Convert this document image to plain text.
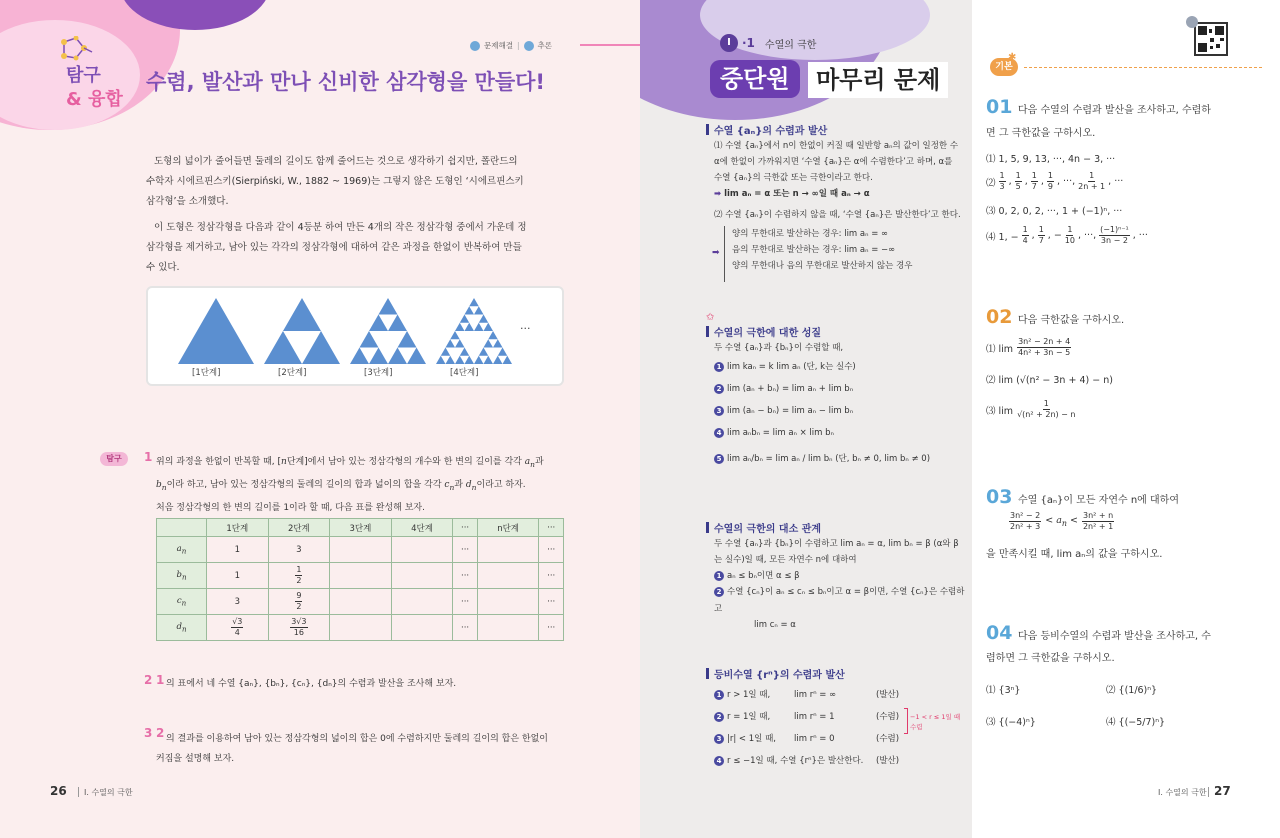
탐구
& 융합
수렴, 발산과 만나 신비한 삼각형을 만들다!
문제해결 | 추론
도형의 넓이가 줄어들면 둘레의 길이도 함께 줄어드는 것으로 생각하기 쉽지만, 폴란드의
수학자 시에르핀스키(Sierpiński, W., 1882 ~ 1969)는 그렇지 않은 도형인 ‘시에르핀스키
삼각형’을 소개했다.
이 도형은 정삼각형을 다음과 같이 4등분 하여 만든 4개의 작은 정삼각형 중에서 가운데 정
삼각형을 제거하고, 남아 있는 각각의 정삼각형에 대하여 같은 과정을 한없이 반복하여 만들
수 있다.
[1단계]	[2단계]	[3단계]	[4단계]
···
탐구	1 위의 과정을 한없이 반복할 때, [n단계]에서 남아 있는 정삼각형의 개수와 한 변의 길이를 각각 $a_n$과
$b_n$이라 하고, 남아 있는 정삼각형의 둘레의 길이의 합과 넓이의 합을 각각 $c_n$과 $d_n$이라고 하자.
처음 정삼각형의 한 변의 길이를 1이라 할 때, 다음 표를 완성해 보자.
	1단계	2단계	3단계	4단계	···	n단계	···
$a_n$	1	3			···		···
$b_n$	1	$\frac{1}{2}$			···		···
$c_n$	3	$\frac{9}{2}$			···		···
$d_n$	$\frac{√3}{4}$	$\frac{3√3}{16}$			···		···
2 1 의 표에서 네 수열 {aₙ}, {bₙ}, {cₙ}, {dₙ}의 수렴과 발산을 조사해 보자.
3 2 의 결과를 이용하여 남아 있는 정삼각형의 넓이의 합은 0에 수렴하지만 둘레의 길이의 합은 한없이
커짐을 설명해 보자.
26 Ⅰ. 수열의 극한
Ⅰ ·1 수열의 극한
중단원	마무리 문제
수열 {aₙ}의 수렴과 발산
⑴ 수열 {aₙ}에서 n이 한없이 커질 때 일반항 aₙ의 값이 일정한 수
α에 한없이 가까워지면 ‘수열 {aₙ}은 α에 수렴한다’고 하며, α를
수열 {aₙ}의 극한값 또는 극한이라고 한다.
➡ lim aₙ = α 또는 n → ∞일 때 aₙ → α
⑵ 수열 {aₙ}이 수렴하지 않을 때, ‘수열 {aₙ}은 발산한다’고 한다.
➡
양의 무한대로 발산하는 경우: lim aₙ = ∞
음의 무한대로 발산하는 경우: lim aₙ = −∞
양의 무한대나 음의 무한대로 발산하지 않는 경우
✩
수열의 극한에 대한 성질
두 수열 {aₙ}과 {bₙ}이 수렴할 때,
1 lim kaₙ = k lim aₙ (단, k는 실수)
2 lim (aₙ + bₙ) = lim aₙ + lim bₙ
3 lim (aₙ − bₙ) = lim aₙ − lim bₙ
4 lim aₙbₙ = lim aₙ × lim bₙ
5 lim aₙ/bₙ = lim aₙ / lim bₙ (단, bₙ ≠ 0, lim bₙ ≠ 0)
수열의 극한의 대소 관계
두 수열 {aₙ}과 {bₙ}이 수렴하고 lim aₙ = α, lim bₙ = β (α와 β
는 실수)일 때, 모든 자연수 n에 대하여
1 aₙ ≤ bₙ이면 α ≤ β
2 수열 {cₙ}이 aₙ ≤ cₙ ≤ bₙ이고 α = β이면, 수열 {cₙ}은 수렴하고
lim cₙ = α
등비수열 {rⁿ}의 수렴과 발산
1 r > 1일 때,	lim rⁿ = ∞	(발산)
2 r = 1일 때,	lim rⁿ = 1	(수렴)
3 |r| < 1일 때,	lim rⁿ = 0	(수렴)
4 r ≤ −1일 때, 수열 {rⁿ}은 발산한다.	(발산)
−1 < r ≤ 1일 때
수렴
기본
✱
01 다음 수열의 수렴과 발산을 조사하고, 수렴하
면 그 극한값을 구하시오.
⑴ 1, 5, 9, 13, ···, 4n − 3, ···
⑵ $\frac{1}{3}$ , $\frac{1}{5}$ , $\frac{1}{7}$ , $\frac{1}{9}$ , ···, $\frac{1}{2n + 1}$ , ···
⑶ 0, 2, 0, 2, ···, 1 + (−1)ⁿ, ···
⑷ 1, − $\frac{1}{4}$ , $\frac{1}{7}$ , − $\frac{1}{10}$ , ···, $\frac{\text{(−1)ⁿ⁻¹}}{3n - 2}$ , ···
02 다음 극한값을 구하시오.
⑴ $\lim \frac{\text{3n² − 2n + 4}}{\text{4n² + 3n − 5}}$
⑵ lim (√(n² − 3n + 4) − n)
⑶ $\lim \frac{1}{\text{√(n² + 2n) − n}}$
03 수열 {aₙ}이 모든 자연수 n에 대하여
$\frac{\text{3n² − 2}}{\text{2n² + 3}} < a_n < \frac{\text{3n² + n}}{\text{2n² + 1}}$
을 만족시킬 때, lim aₙ의 값을 구하시오.
04 다음 등비수열의 수렴과 발산을 조사하고, 수
렴하면 그 극한값을 구하시오.
⑴ {3ⁿ}	⑵ {(1/6)ⁿ}
⑶ {(−4)ⁿ}	⑷ {(−5/7)ⁿ}
Ⅰ. 수열의 극한 27
